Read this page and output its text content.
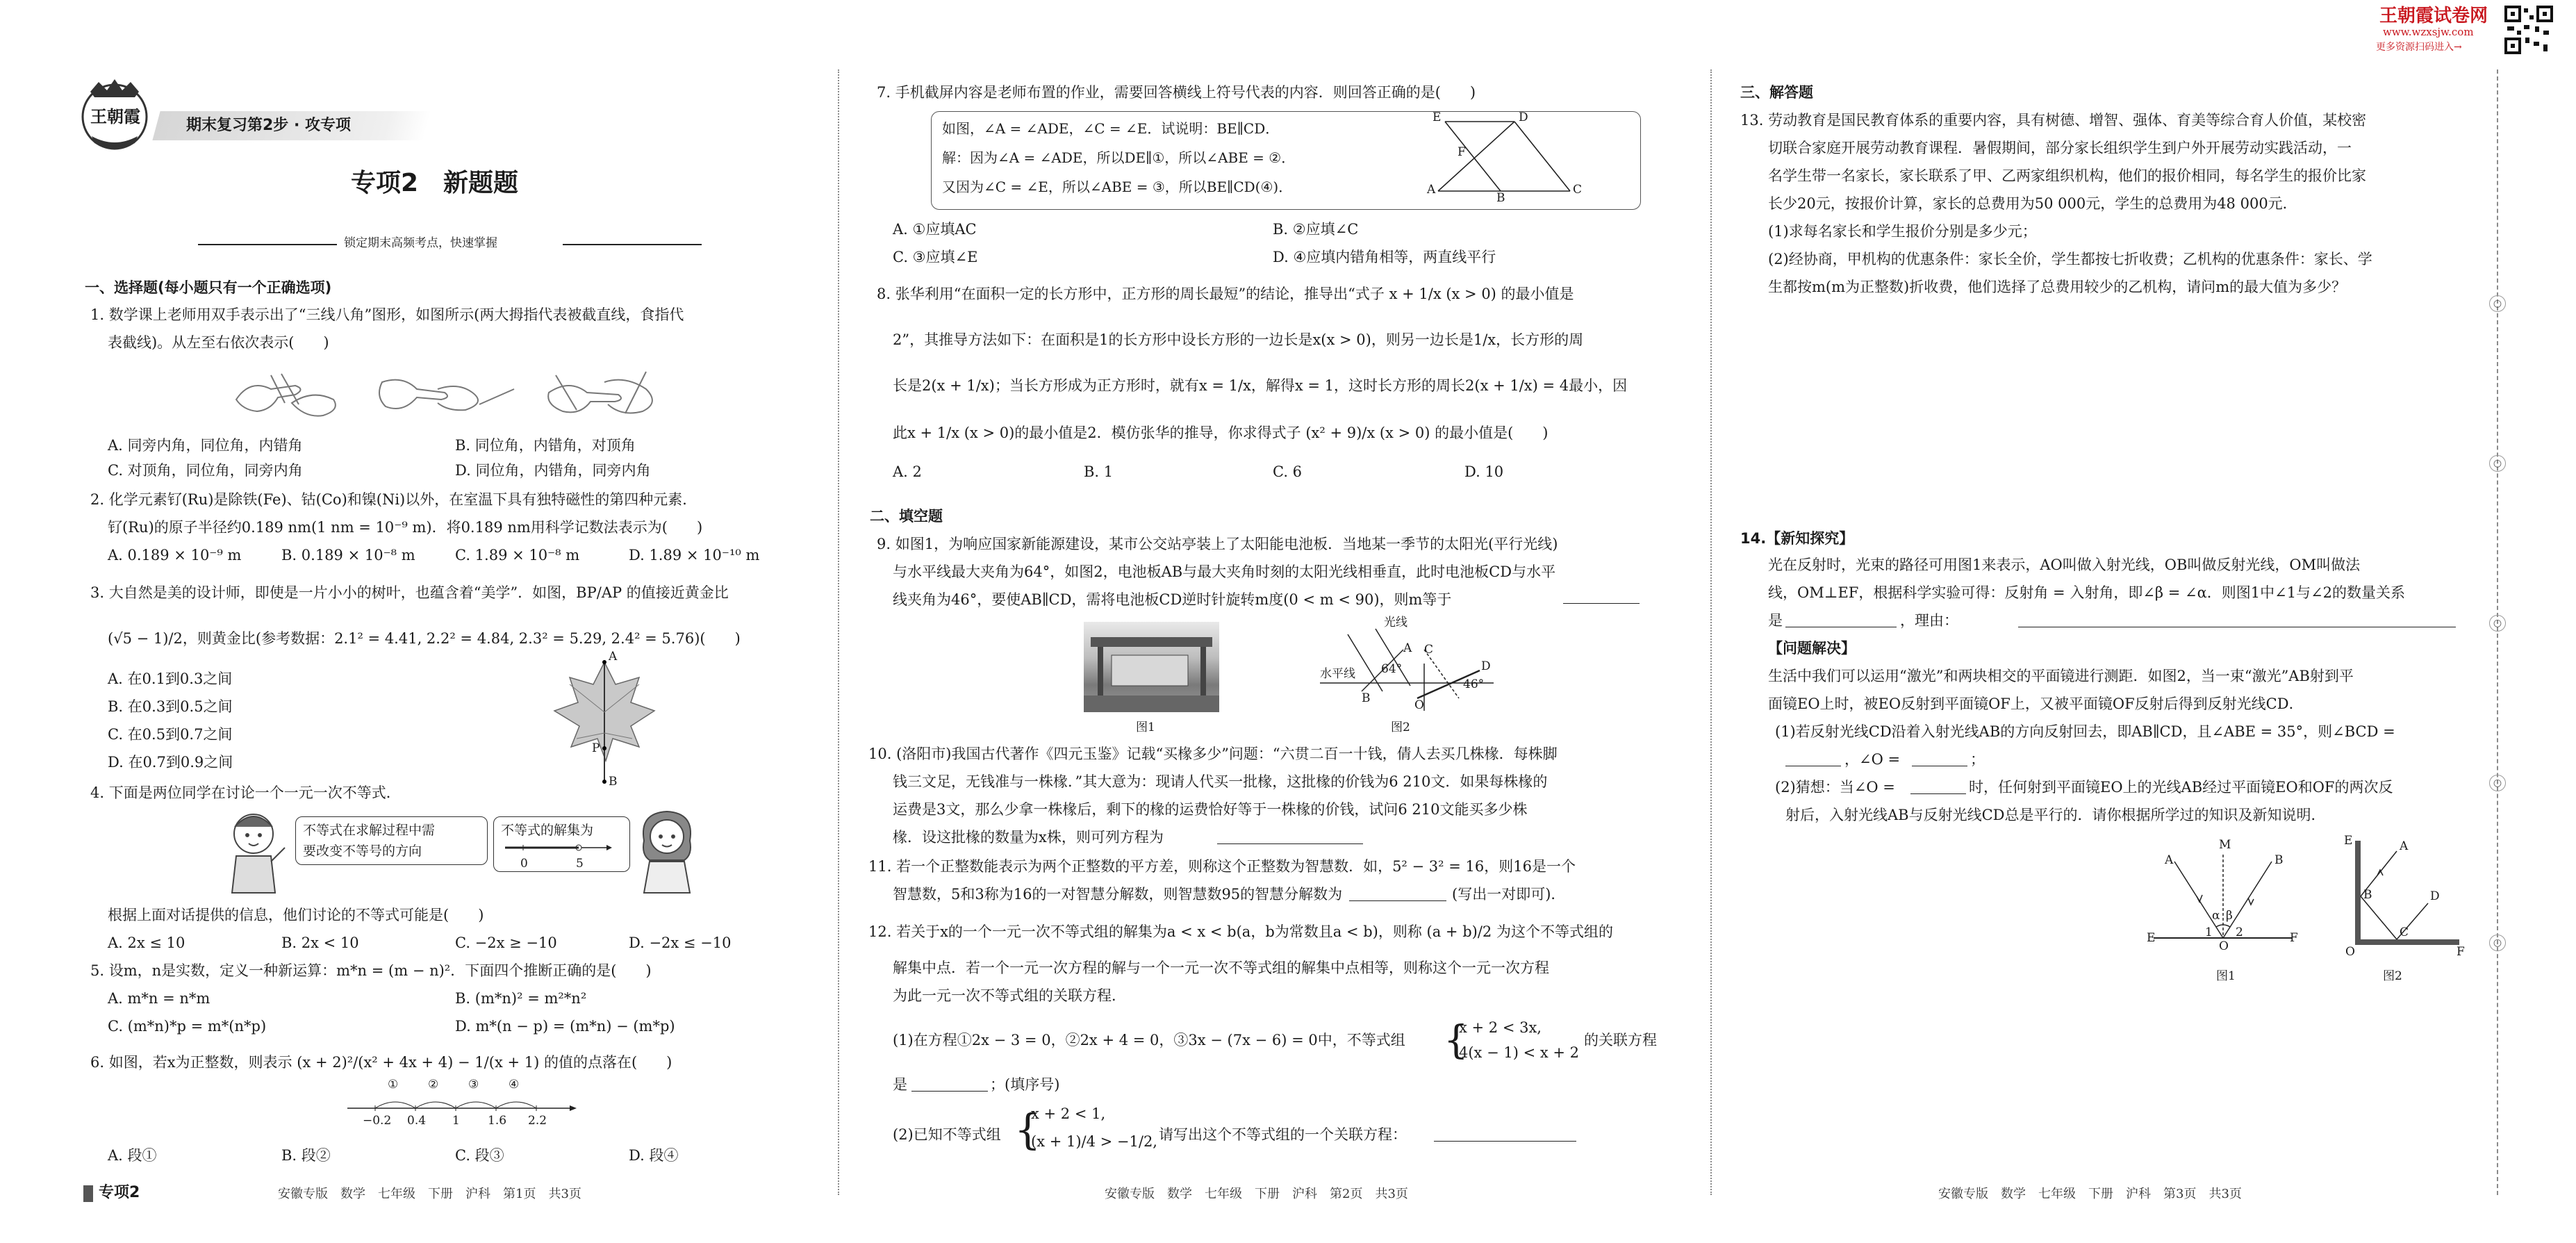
王朝霞	期末复习第2步 · 攻专项
专项2　新题题
锁定期末高频考点，快速掌握
王朝霞试卷网
www.wzxsjw.com
更多资源扫码进入→
○
○
○
○
○
一、选择题(每小题只有一个正确选项)
1. 数学课上老师用双手表示出了“三线八角”图形，如图所示(两大拇指代表被截直线，食指代
表截线)。从左至右依次表示(　　)
A. 同旁内角，同位角，内错角	B. 同位角，内错角，对顶角
C. 对顶角，同位角，同旁内角	D. 同位角，内错角，同旁内角
2. 化学元素钌(Ru)是除铁(Fe)、钴(Co)和镍(Ni)以外，在室温下具有独特磁性的第四种元素．
钌(Ru)的原子半径约0.189 nm(1 nm = 10⁻⁹ m)．将0.189 nm用科学记数法表示为(　　)
A. 0.189 × 10⁻⁹ m	B. 0.189 × 10⁻⁸ m	C. 1.89 × 10⁻⁸ m	D. 1.89 × 10⁻¹⁰ m
3. 大自然是美的设计师，即使是一片小小的树叶，也蕴含着“美学”．如图，BP/AP 的值接近黄金比
(√5 − 1)/2，则黄金比(参考数据：2.1² = 4.41, 2.2² = 4.84, 2.3² = 5.29, 2.4² = 5.76)(　　)
A. 在0.1到0.3之间
B. 在0.3到0.5之间
C. 在0.5到0.7之间
D. 在0.7到0.9之间
A
P
B
4. 下面是两位同学在讨论一个一元一次不等式．
不等式在求解过程中需
要改变不等号的方向
不等式的解集为
0	5
根据上面对话提供的信息，他们讨论的不等式可能是(　　)
A. 2x ≤ 10	B. 2x < 10	C. −2x ≥ −10	D. −2x ≤ −10
5. 设m，n是实数，定义一种新运算：m*n = (m − n)²．下面四个推断正确的是(　　)
A. m*n = n*m	B. (m*n)² = m²*n²
C. (m*n)*p = m*(n*p)	D. m*(n − p) = (m*n) − (m*p)
6. 如图，若x为正整数，则表示 (x + 2)²/(x² + 4x + 4) − 1/(x + 1) 的值的点落在(　　)
①	②	③	④
−0.2 0.4 1 1.6 2.2
A. 段①	B. 段②	C. 段③	D. 段④
专项2	安徽专版　数学　七年级　下册　沪科　第1页　共3页
7. 手机截屏内容是老师布置的作业，需要回答横线上符号代表的内容．则回答正确的是(　　)
如图，∠A = ∠ADE，∠C = ∠E．试说明：BE∥CD．
解：因为∠A = ∠ADE，所以DE∥①，所以∠ABE = ②．
又因为∠C = ∠E，所以∠ABE = ③，所以BE∥CD(④)．
E	D
F
A
B
C
A. ①应填AC	B. ②应填∠C
C. ③应填∠E	D. ④应填内错角相等，两直线平行
8. 张华利用“在面积一定的长方形中，正方形的周长最短”的结论，推导出“式子 x + 1/x (x > 0) 的最小值是
2”，其推导方法如下：在面积是1的长方形中设长方形的一边长是x(x > 0)，则另一边长是1/x，长方形的周
长是2(x + 1/x)；当长方形成为正方形时，就有x = 1/x，解得x = 1，这时长方形的周长2(x + 1/x) = 4最小，因
此x + 1/x (x > 0)的最小值是2．模仿张华的推导，你求得式子 (x² + 9)/x (x > 0) 的最小值是(　　)
A. 2	B. 1	C. 6	D. 10
二、填空题
9. 如图1，为响应国家新能源建设，某市公交站亭装上了太阳能电池板．当地某一季节的太阳光(平行光线)
与水平线最大夹角为64°，如图2，电池板AB与最大夹角时刻的太阳光线相垂直，此时电池板CD与水平
线夹角为46°，要使AB∥CD，需将电池板CD逆时针旋转m度(0 < m < 90)，则m等于
图1
光线
64°
水平线
A
B
C
D
O
46°
图2
10. (洛阳市)我国古代著作《四元玉鉴》记载“买椽多少”问题：“六贯二百一十钱，倩人去买几株椽．每株脚
钱三文足，无钱准与一株椽．”其大意为：现请人代买一批椽，这批椽的价钱为6 210文．如果每株椽的
运费是3文，那么少拿一株椽后，剩下的椽的运费恰好等于一株椽的价钱，试问6 210文能买多少株
椽．设这批椽的数量为x株，则可列方程为
11. 若一个正整数能表示为两个正整数的平方差，则称这个正整数为智慧数．如，5² − 3² = 16，则16是一个
智慧数，5和3称为16的一对智慧分解数，则智慧数95的智慧分解数为	(写出一对即可)．
12. 若关于x的一个一元一次不等式组的解集为a < x < b(a，b为常数且a < b)，则称 (a + b)/2 为这个不等式组的
解集中点．若一个一元一次方程的解与一个一元一次不等式组的解集中点相等，则称这个一元一次方程
为此一元一次不等式组的关联方程．
(1)在方程①2x − 3 = 0，②2x + 4 = 0，③3x − (7x − 6) = 0中，不等式组 {
x + 2 < 3x,
4(x − 1) < x + 2
的关联方程
是	；(填序号)
(2)已知不等式组 {
x + 2 < 1,
(x + 1)/4 > −1/2, 请写出这个不等式组的一个关联方程：
安徽专版　数学　七年级　下册　沪科　第2页　共3页
三、解答题
13. 劳动教育是国民教育体系的重要内容，具有树德、增智、强体、育美等综合育人价值，某校密
切联合家庭开展劳动教育课程．暑假期间，部分家长组织学生到户外开展劳动实践活动，一
名学生带一名家长，家长联系了甲、乙两家组织机构，他们的报价相同，每名学生的报价比家
长少20元，按报价计算，家长的总费用为50 000元，学生的总费用为48 000元．
(1)求每名家长和学生报价分别是多少元；
(2)经协商，甲机构的优惠条件：家长全价，学生都按七折收费；乙机构的优惠条件：家长、学
生都按m(m为正整数)折收费，他们选择了总费用较少的乙机构，请问m的最大值为多少？
14.【新知探究】
光在反射时，光束的路径可用图1来表示，AO叫做入射光线，OB叫做反射光线，OM叫做法
线，OM⊥EF，根据科学实验可得：反射角 = 入射角，即∠β = ∠α．则图1中∠1与∠2的数量关系
是	，理由：
【问题解决】
生活中我们可以运用“激光”和两块相交的平面镜进行测距．如图2，当一束“激光”AB射到平
面镜EO上时，被EO反射到平面镜OF上，又被平面镜OF反射后得到反射光线CD．
(1)若反射光线CD沿着入射光线AB的方向反射回去，即AB∥CD，且∠ABE = 35°，则∠BCD =
，∠O =	；
(2)猜想：当∠O =	时，任何射到平面镜EO上的光线AB经过平面镜EO和OF的两次反
射后，入射光线AB与反射光线CD总是平行的．请你根据所学过的知识及新知说明．
A
M
B
E
O
F
α β
1 2
图1
E	A
D
B
C
O	F
图2
安徽专版　数学　七年级　下册　沪科　第3页　共3页
